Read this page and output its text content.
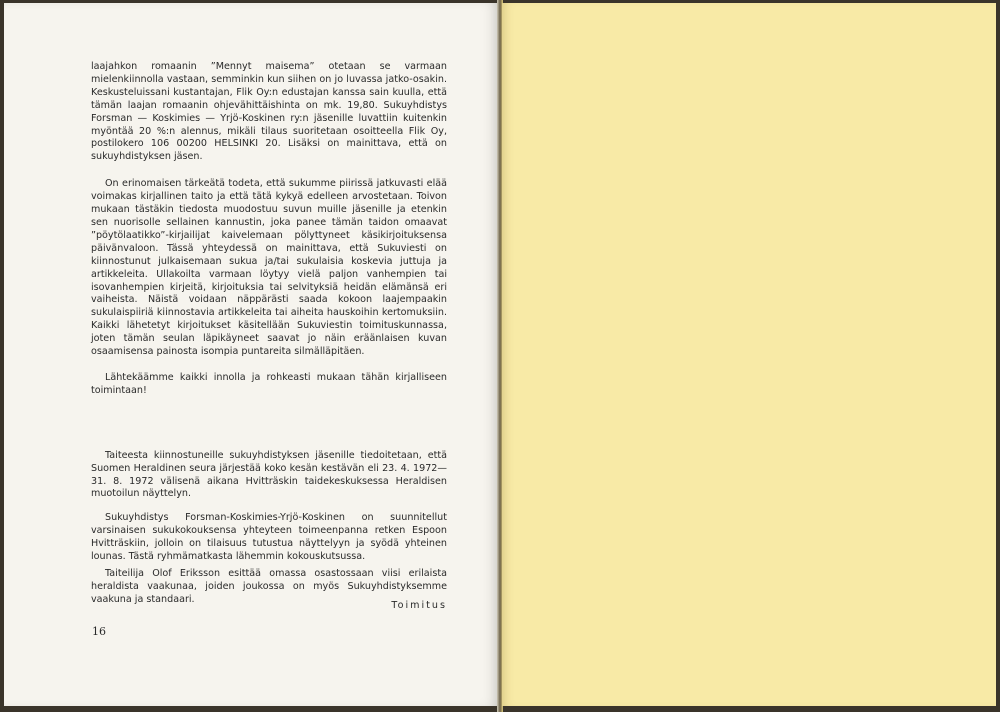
laajahkon romaanin ”Mennyt maisema” otetaan se varmaan mielenkiinnolla vastaan, semminkin kun siihen on jo luvassa jatko-osakin. Keskusteluissani kustantajan, Flik Oy:n edustajan kanssa sain kuulla, että tämän laajan romaanin ohjevähittäishinta on mk. 19,80. Sukuyhdistys Forsman — Koskimies — Yrjö-Koskinen ry:n jäsenille luvattiin kuitenkin myöntää 20 %:n alennus, mikäli tilaus suoritetaan osoitteella Flik Oy, postilokero 106 00200 HELSINKI 20. Lisäksi on mainittava, että on sukuyhdistyksen jäsen.

On erinomaisen tärkeätä todeta, että sukumme piirissä jatkuvasti elää voimakas kirjallinen taito ja että tätä kykyä edelleen arvostetaan. Toivon mukaan tästäkin tiedosta muodostuu suvun muille jäsenille ja etenkin sen nuorisolle sellainen kannustin, joka panee tämän taidon omaavat ”pöytölaatikko”-kirjailijat kaivelemaan pölyttyneet käsikirjoituksensa päivänvaloon. Tässä yhteydessä on mainittava, että Sukuviesti on kiinnostunut julkaisemaan sukua ja/tai sukulaisia koskevia juttuja ja artikkeleita. Ullakoilta varmaan löytyy vielä paljon vanhempien tai isovanhempien kirjeitä, kirjoituksia tai selvityksiä heidän elämänsä eri vaiheista. Näistä voidaan näppärästi saada kokoon laajempaakin sukulaispiiriä kiinnostavia artikkeleita tai aiheita hauskoihin kertomuksiin. Kaikki lähetetyt kirjoitukset käsitellään Sukuviestin toimituskunnassa, joten tämän seulan läpikäyneet saavat jo näin eräänlaisen kuvan osaamisensa painosta isompia puntareita silmälläpitäen.

Lähtekäämme kaikki innolla ja rohkeasti mukaan tähän kirjalliseen toimintaan!

Taiteesta kiinnostuneille sukuyhdistyksen jäsenille tiedoitetaan, että Suomen Heraldinen seura järjestää koko kesän kestävän eli 23. 4. 1972—31. 8. 1972 välisenä aikana Hvitträskin taidekeskuksessa Heraldisen muotoilun näyttelyn.

Sukuyhdistys Forsman-Koskimies-Yrjö-Koskinen on suunnitellut varsinaisen sukukokouksensa yhteyteen toimeenpanna retken Espoon Hvitträskiin, jolloin on tilaisuus tutustua näyttelyyn ja syödä yhteinen lounas. Tästä ryhmämatkasta lähemmin kokouskutsussa.

Taiteilija Olof Eriksson esittää omassa osastossaan viisi erilaista heraldista vaakunaa, joiden joukossa on myös Sukuyhdistyksemme vaakuna ja standaari.

Toimitus
16
